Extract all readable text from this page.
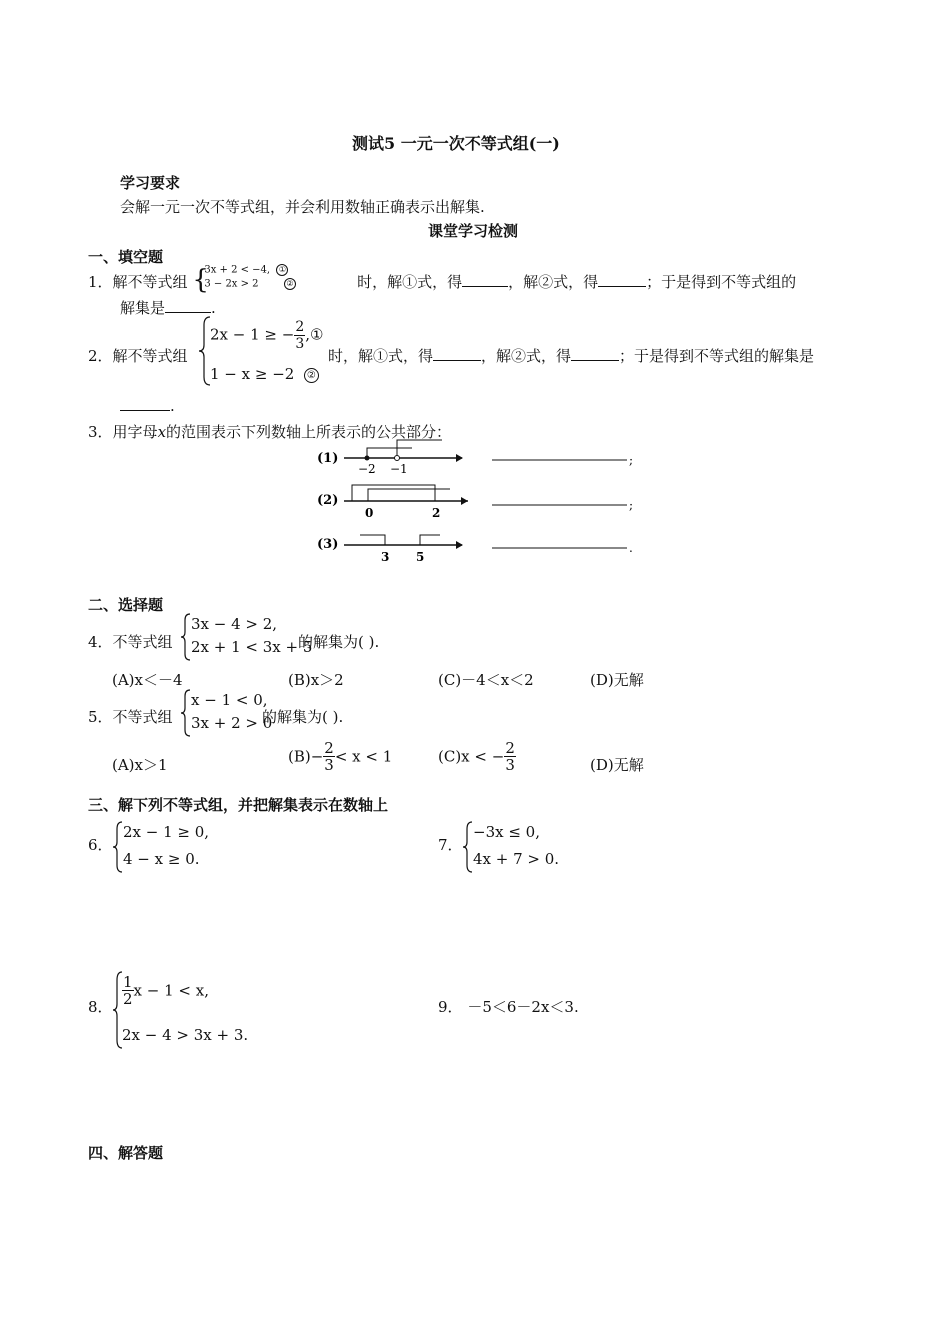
测试5 一元一次不等式组(一)
学习要求
会解一元一次不等式组，并会利用数轴正确表示出解集.
课堂学习检测
一、填空题
1．解不等式组 {
3x + 2 < −4, ①
3 − 2x > 2	②	时，解①式，得	，解②式，得	；于是得到不等式组的
解集是	.
2．解不等式组
2x − 1 ≥ − $\frac{2}{3}$ ,①
1 − x ≥ −2 ②
时，解①式，得	，解②式，得	；于是得到不等式组的解集是
.
3．用字母x的范围表示下列数轴上所表示的公共部分：
(1)
−2 −1
;
(2)
0	2
;
(3)
3 5
.
二、选择题
4．不等式组
3x − 4 > 2,
2x + 1 < 3x + 5
的解集为( ).
(A)x＜－4	(B)x＞2	(C)－4＜x＜2	(D)无解
5．不等式组
x − 1 < 0,
3x + 2 > 0
的解集为( ).
(A)x＞1	$(B)- \frac{2}{3} < x < 1$	(C)x < − $\frac{2}{3}$	(D)无解
三、解下列不等式组，并把解集表示在数轴上
6．
2x − 1 ≥ 0,
4 − x ≥ 0.
7．
−3x ≤ 0,
4x + 7 > 0.
8． $\frac{1}{2}$ x − 1 < x,
2x − 4 > 3x + 3.
9． －5＜6－2x＜3.
四、解答题
